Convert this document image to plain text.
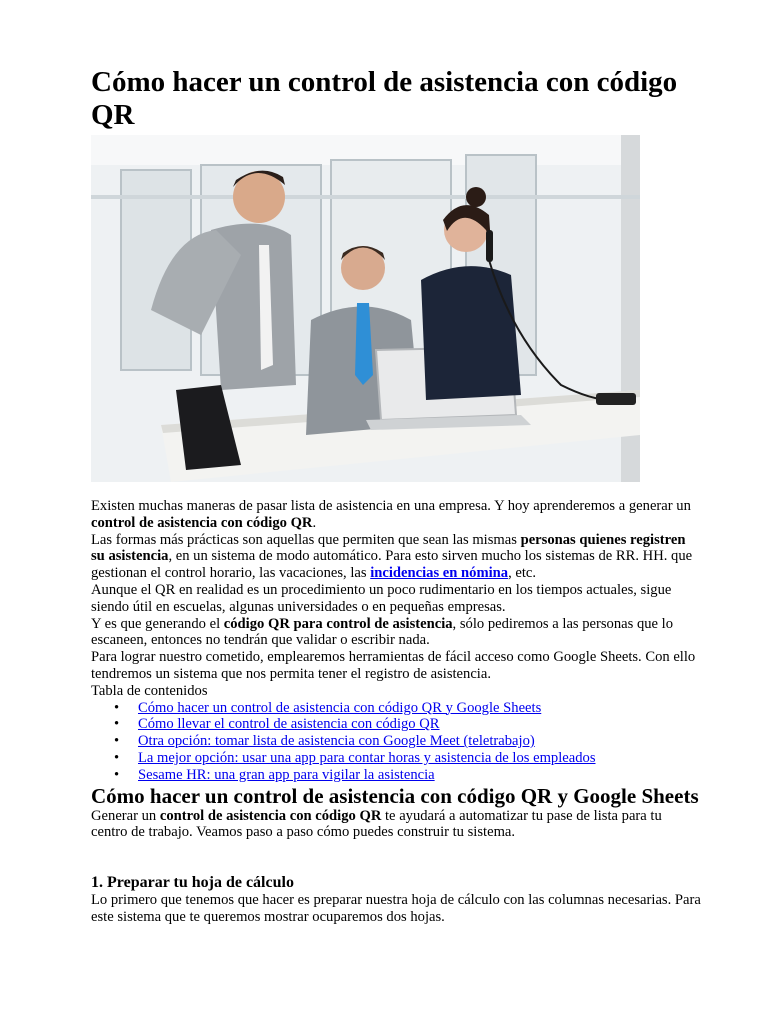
Cómo hacer un control de asistencia con código QR

Existen muchas maneras de pasar lista de asistencia en una empresa. Y hoy aprenderemos a generar un control de asistencia con código QR.

Las formas más prácticas son aquellas que permiten que sean las mismas personas quienes registren su asistencia, en un sistema de modo automático. Para esto sirven mucho los sistemas de RR. HH. que gestionan el control horario, las vacaciones, las incidencias en nómina, etc.

Aunque el QR en realidad es un procedimiento un poco rudimentario en los tiempos actuales, sigue siendo útil en escuelas, algunas universidades o en pequeñas empresas.

Y es que generando el código QR para control de asistencia, sólo pediremos a las personas que lo escaneen, entonces no tendrán que validar o escribir nada.

Para lograr nuestro cometido, emplearemos herramientas de fácil acceso como Google Sheets. Con ello tendremos un sistema que nos permita tener el registro de asistencia.

Tabla de contenidos

• Cómo hacer un control de asistencia con código QR y Google Sheets
• Cómo llevar el control de asistencia con código QR
• Otra opción: tomar lista de asistencia con Google Meet (teletrabajo)
• La mejor opción: usar una app para contar horas y asistencia de los empleados
• Sesame HR: una gran app para vigilar la asistencia
Cómo hacer un control de asistencia con código QR y Google Sheets

Generar un control de asistencia con código QR te ayudará a automatizar tu pase de lista para tu centro de trabajo. Veamos paso a paso cómo puedes construir tu sistema.

1. Preparar tu hoja de cálculo

Lo primero que tenemos que hacer es preparar nuestra hoja de cálculo con las columnas necesarias. Para este sistema que te queremos mostrar ocuparemos dos hojas.
